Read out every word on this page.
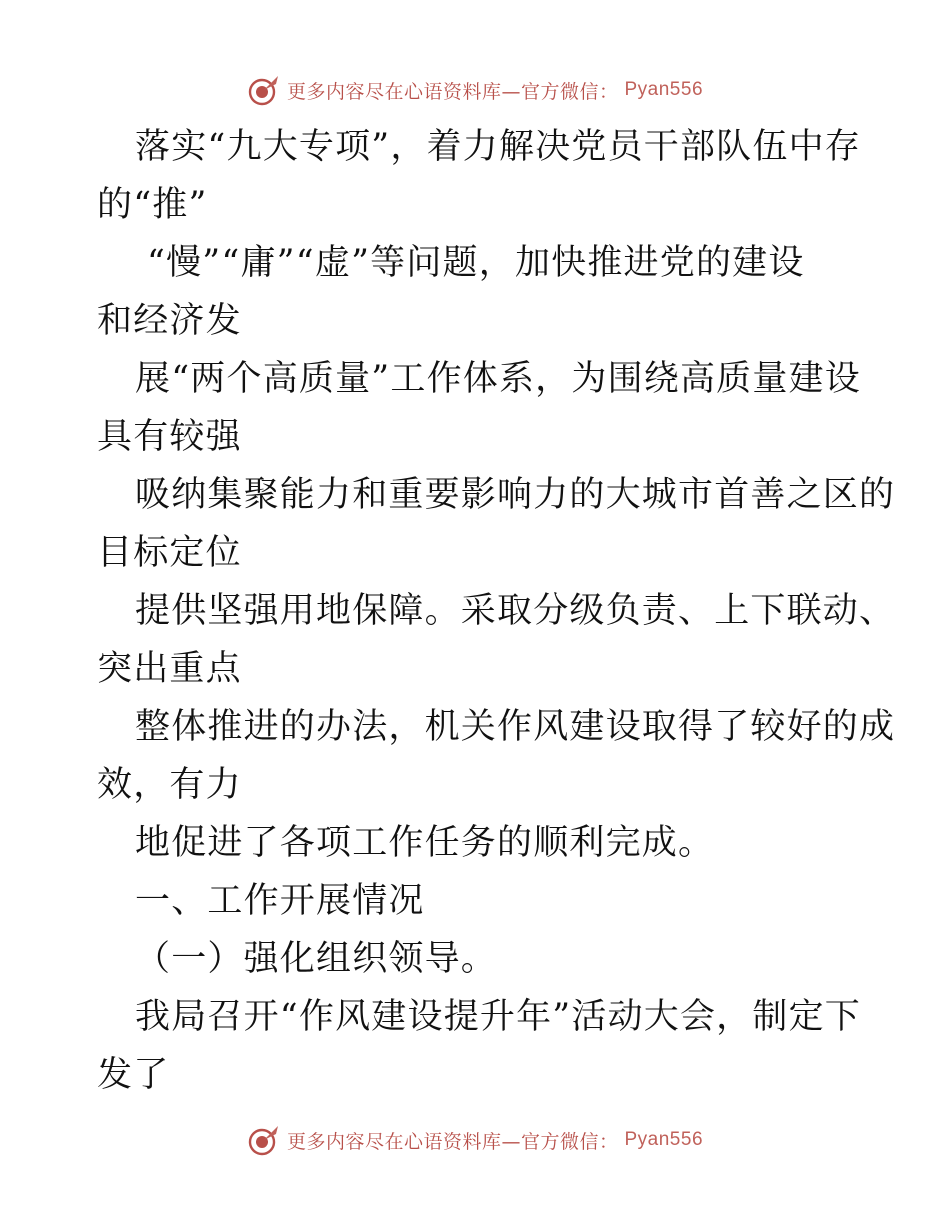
更多内容尽在心语资料库—官方微信： Pyan556
落实“九大专项”，着力解决党员干部队伍中存
的“推”
“慢”“庸”“虚”等问题，加快推进党的建设
和经济发
展“两个高质量”工作体系，为围绕高质量建设
具有较强
吸纳集聚能力和重要影响力的大城市首善之区的
目标定位
提供坚强用地保障。采取分级负责、上下联动、
突出重点
整体推进的办法，机关作风建设取得了较好的成
效，有力
地促进了各项工作任务的顺利完成。
一、工作开展情况
（一）强化组织领导。
我局召开“作风建设提升年”活动大会，制定下
发了
更多内容尽在心语资料库—官方微信： Pyan556
